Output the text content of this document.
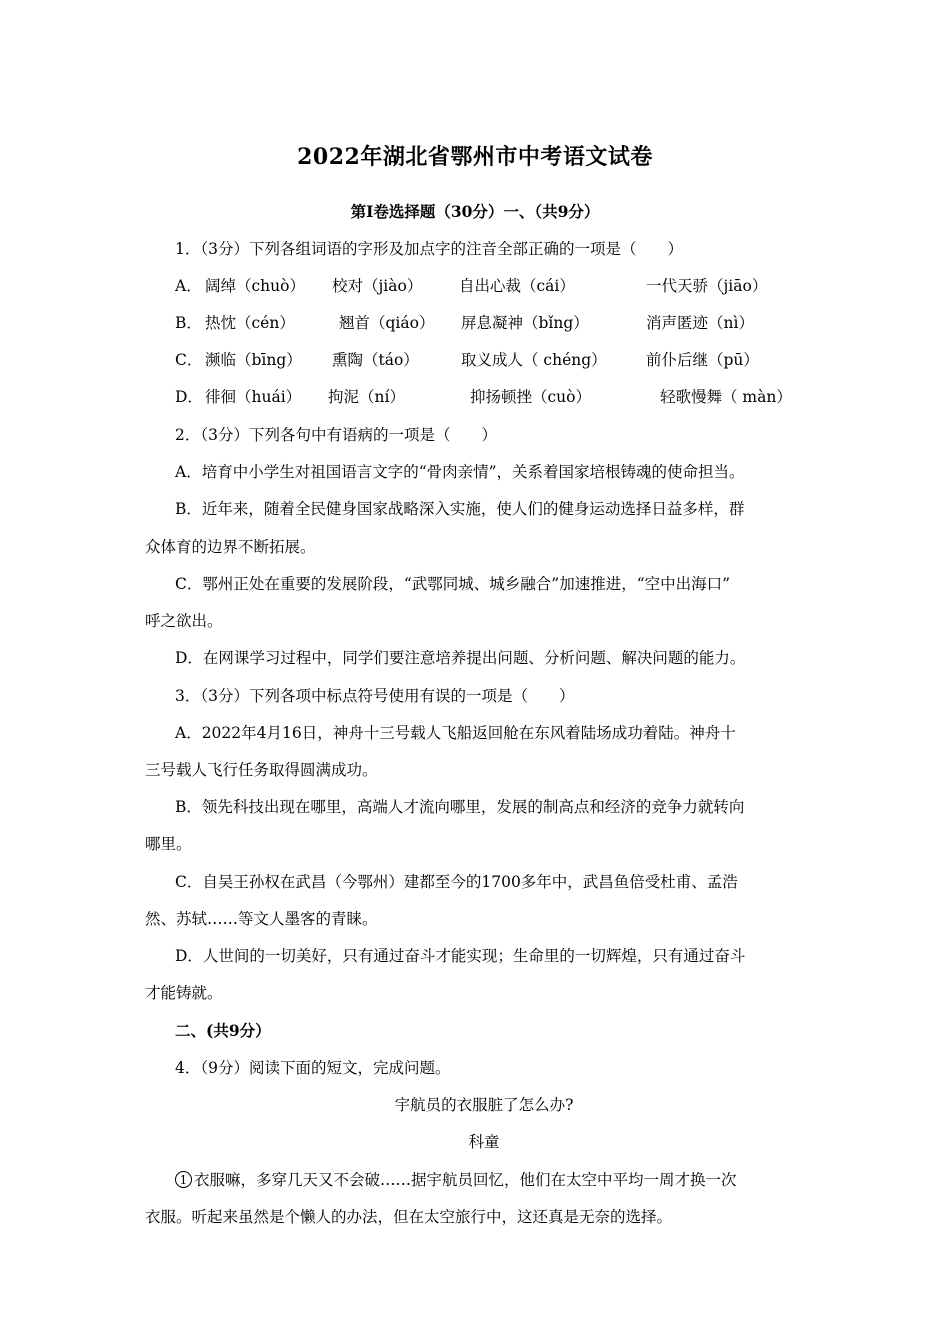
2022年湖北省鄂州市中考语文试卷
第Ⅰ卷选择题（30分）一、（共9分）
1．（3分）下列各组词语的字形及加点字的注音全部正确的一项是（　　）
A． 阔绰（chuò） 校对（jiào） 自出心裁（cái）	一代天骄（jiāo）
B． 热忱（cén）	翘首（qiáo） 屏息凝神（bǐng）	消声匿迹（nì）
C． 濒临（bīng） 熏陶（táo）	取义成人（ chéng）	前仆后继（pū）
D． 徘徊（huái） 拘泥（ní）	抑扬顿挫（cuò）	轻歌慢舞（ màn）
2．（3分）下列各句中有语病的一项是（　　）
A．培育中小学生对祖国语言文字的“骨肉亲情”，关系着国家培根铸魂的使命担当。
B．近年来，随着全民健身国家战略深入实施，使人们的健身运动选择日益多样，群
众体育的边界不断拓展。
C．鄂州正处在重要的发展阶段，“武鄂同城、城乡融合”加速推进，“空中出海口”
呼之欲出。
D．在网课学习过程中，同学们要注意培养提出问题、分析问题、解决问题的能力。
3．（3分）下列各项中标点符号使用有误的一项是（　　）
A．2022年4月16日，神舟十三号载人飞船返回舱在东风着陆场成功着陆。神舟十
三号载人飞行任务取得圆满成功。
B．领先科技出现在哪里，高端人才流向哪里，发展的制高点和经济的竞争力就转向
哪里。
C．自吴王孙权在武昌（今鄂州）建都至今的1700多年中，武昌鱼倍受杜甫、孟浩
然、苏轼……等文人墨客的青睐。
D．人世间的一切美好，只有通过奋斗才能实现；生命里的一切辉煌，只有通过奋斗
才能铸就。
二、(共9分）
4．（9分）阅读下面的短文，完成问题。
宇航员的衣服脏了怎么办?
科童
1 衣服嘛，多穿几天又不会破……据宇航员回忆，他们在太空中平均一周才换一次
衣服。听起来虽然是个懒人的办法，但在太空旅行中，这还真是无奈的选择。
